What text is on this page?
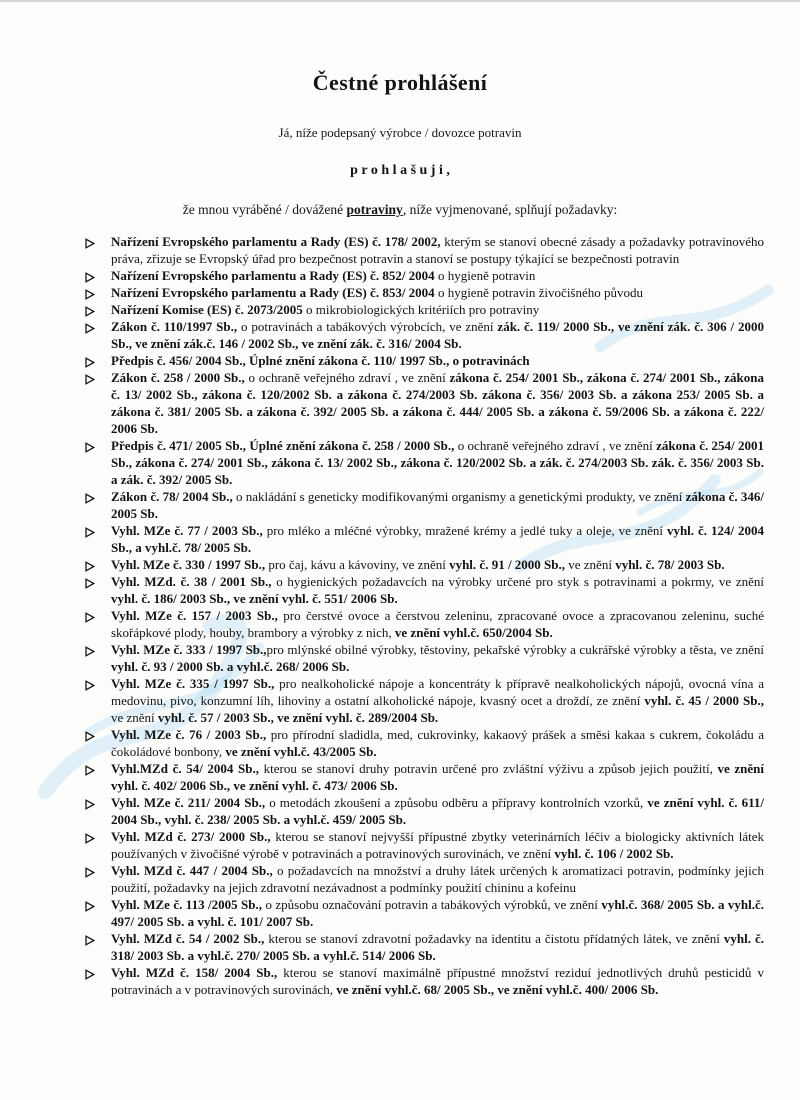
Čestné prohlášení
Já, níže podepsaný výrobce / dovozce potravin
p r o h l a š u j i ,
že mnou vyráběné / dovážené potraviny, níže vyjmenované, splňují požadavky:
Nařízení Evropského parlamentu a Rady (ES) č. 178/ 2002, kterým se stanoví obecné zásady a požadavky potravinového práva, zřizuje se Evropský úřad pro bezpečnost potravin a stanoví se postupy týkající se bezpečnosti potravin
Nařízení Evropského parlamentu a Rady (ES) č. 852/ 2004 o hygieně potravin
Nařízení Evropského parlamentu a Rady (ES) č. 853/ 2004 o hygieně potravin živočišného původu
Nařízení Komise (ES) č. 2073/2005 o mikrobiologických kritériích pro potraviny
Zákon č. 110/1997 Sb., o potravinách a tabákových výrobcích, ve znění zák. č. 119/ 2000 Sb., ve znění zák. č. 306 / 2000 Sb., ve znění zák.č. 146 / 2002 Sb., ve znění zák. č. 316/ 2004 Sb.
Předpis č. 456/ 2004 Sb., Úplné znění zákona č. 110/ 1997 Sb., o potravinách
Zákon č. 258 / 2000 Sb., o ochraně veřejného zdraví , ve znění zákona č. 254/ 2001 Sb., zákona č. 274/ 2001 Sb., zákona č. 13/ 2002 Sb., zákona č. 120/2002 Sb. a zákona č. 274/2003 Sb. zákona č. 356/ 2003 Sb. a zákona 253/ 2005 Sb. a zákona č. 381/ 2005 Sb. a zákona č. 392/ 2005 Sb. a zákona č. 444/ 2005 Sb. a zákona č. 59/2006 Sb. a zákona č. 222/ 2006 Sb.
Předpis č. 471/ 2005 Sb., Úplné znění zákona č. 258 / 2000 Sb., o ochraně veřejného zdraví , ve znění zákona č. 254/ 2001 Sb., zákona č. 274/ 2001 Sb., zákona č. 13/ 2002 Sb., zákona č. 120/2002 Sb. a zák. č. 274/2003 Sb. zák. č. 356/ 2003 Sb. a zák. č. 392/ 2005 Sb.
Zákon č. 78/ 2004 Sb., o nakládání s geneticky modifikovanými organismy a genetickými produkty, ve znění zákona č. 346/ 2005 Sb.
Vyhl. MZe č. 77 / 2003 Sb., pro mléko a mléčné výrobky, mražené krémy a jedlé tuky a oleje, ve znění vyhl. č. 124/ 2004 Sb., a vyhl.č. 78/ 2005 Sb.
Vyhl. MZe č. 330 / 1997 Sb., pro čaj, kávu a kávoviny, ve znění vyhl. č. 91 / 2000 Sb., ve znění vyhl. č. 78/ 2003 Sb.
Vyhl. MZd. č. 38 / 2001 Sb., o hygienických požadavcích na výrobky určené pro styk s potravinami a pokrmy, ve znění vyhl. č. 186/ 2003 Sb., ve znění vyhl. č. 551/ 2006 Sb.
Vyhl. MZe č. 157 / 2003 Sb., pro čerstvé ovoce a čerstvou zeleninu, zpracované ovoce a zpracovanou zeleninu, suché skořápkové plody, houby, brambory a výrobky z nich, ve znění vyhl.č. 650/2004 Sb.
Vyhl. MZe č. 333 / 1997 Sb.,pro mlýnské obilné výrobky, těstoviny, pekařské výrobky a cukrářské výrobky a těsta, ve znění vyhl. č. 93 / 2000 Sb. a vyhl.č. 268/ 2006 Sb.
Vyhl. MZe č. 335 / 1997 Sb., pro nealkoholické nápoje a koncentráty k přípravě nealkoholických nápojů, ovocná vína a medovinu, pivo, konzumní líh, lihoviny a ostatní alkoholické nápoje, kvasný ocet a droždí, ze znění vyhl. č. 45 / 2000 Sb., ve znění vyhl. č. 57 / 2003 Sb., ve znění vyhl. č. 289/2004 Sb.
Vyhl. MZe č. 76 / 2003 Sb., pro přírodní sladidla, med, cukrovinky, kakaový prášek a směsi kakaa s cukrem, čokoládu a čokoládové bonbony, ve znění vyhl.č. 43/2005 Sb.
Vyhl.MZd č. 54/ 2004 Sb., kterou se stanoví druhy potravin určené pro zvláštní výživu a způsob jejich použití, ve znění vyhl. č. 402/ 2006 Sb., ve znění vyhl. č. 473/ 2006 Sb.
Vyhl. MZe č. 211/ 2004 Sb., o metodách zkoušení a způsobu odběru a přípravy kontrolních vzorků, ve znění vyhl. č. 611/ 2004 Sb., vyhl. č. 238/ 2005 Sb. a vyhl.č. 459/ 2005 Sb.
Vyhl. MZd č. 273/ 2000 Sb., kterou se stanoví nejvyšší přípustné zbytky veterinárních léčiv a biologicky aktivních látek používaných v živočišné výrobě v potravinách a potravinových surovinách, ve znění vyhl. č. 106 / 2002 Sb.
Vyhl. MZd č. 447 / 2004 Sb., o požadavcích na množství a druhy látek určených k aromatizaci potravin, podmínky jejich použití, požadavky na jejich zdravotní nezávadnost a podmínky použití chininu a kofeinu
Vyhl. MZe č. 113 /2005 Sb., o způsobu označování potravin a tabákových výrobků, ve znění vyhl.č. 368/ 2005 Sb. a vyhl.č. 497/ 2005 Sb. a vyhl. č. 101/ 2007 Sb.
Vyhl. MZd č. 54 / 2002 Sb., kterou se stanoví zdravotní požadavky na identitu a čistotu přídatných látek, ve znění vyhl. č. 318/ 2003 Sb. a vyhl.č. 270/ 2005 Sb. a vyhl.č. 514/ 2006 Sb.
Vyhl. MZd č. 158/ 2004 Sb., kterou se stanoví maximálně přípustné množství reziduí jednotlivých druhů pesticidů v potravinách a v potravinových surovinách, ve znění vyhl.č. 68/ 2005 Sb., ve znění vyhl.č. 400/ 2006 Sb.
